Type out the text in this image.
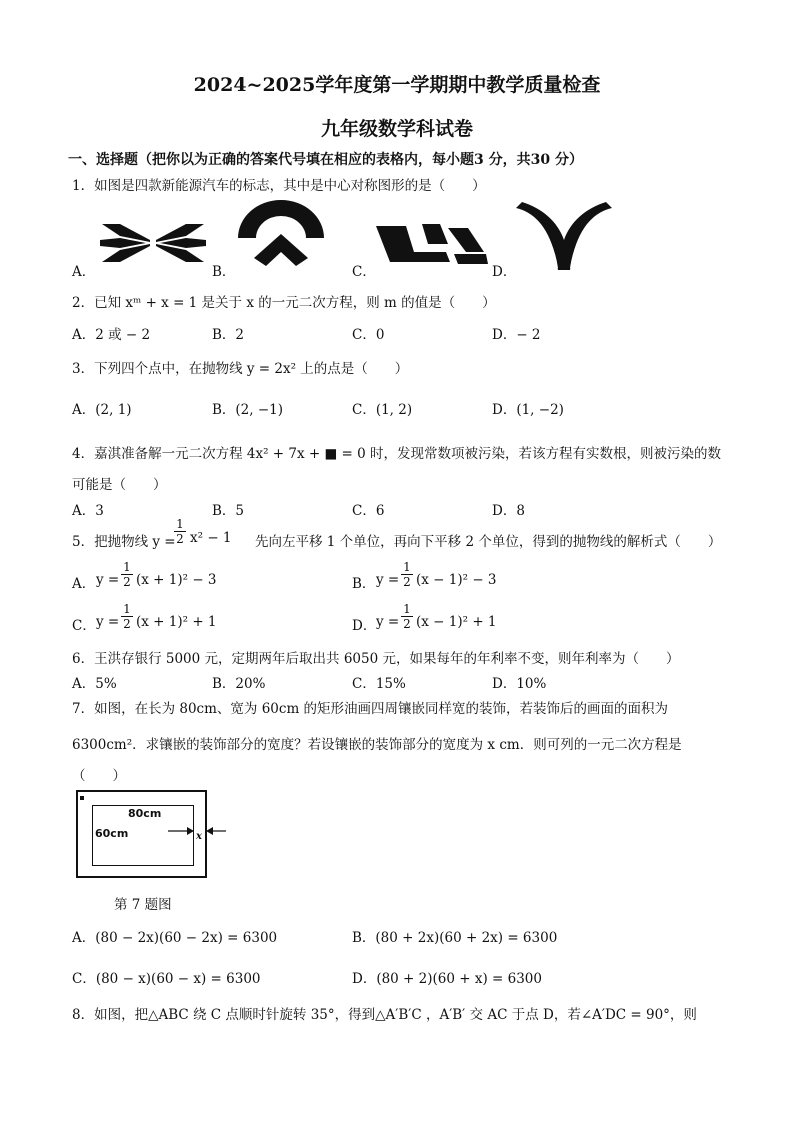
2024~2025学年度第一学期期中教学质量检查
九年级数学科试卷
一、选择题（把你以为正确的答案代号填在相应的表格内，每小题3 分，共30 分）
1．如图是四款新能源汽车的标志，其中是中心对称图形的是（　　）
A．	B．	C．	D．
2．已知 xᵐ + x = 1 是关于 x 的一元二次方程，则 m 的值是（　　）
A．2 或 − 2	B．2	C．0	D．− 2
3．下列四个点中，在抛物线 y = 2x² 上的点是（　　）
A．(2, 1)	B．(2, −1)	C．(1, 2)	D．(1, −2)
4．嘉淇准备解一元二次方程 4x² + 7x + ■ = 0 时，发现常数项被污染，若该方程有实数根，则被污染的数
可能是（　　）
A．3	B．5	C．6	D．8
5．把抛物线 y =
$\frac{1}{2} x^2 - 1$ 先向左平移 1 个单位，再向下平移 2 个单位，得到的抛物线的解析式（　　）
A． $y = \frac{1}{2} (x + 1)^2 - 3$	B． $y = \frac{1}{2} (x - 1)^2 - 3$
C． $y = \frac{1}{2} (x + 1)^2 + 1$	D． $y = \frac{1}{2} (x - 1)^2 + 1$
6．王洪存银行 5000 元，定期两年后取出共 6050 元，如果每年的年利率不变，则年利率为（　　）
A．5%	B．20%	C．15%	D．10%
7．如图，在长为 80cm、宽为 60cm 的矩形油画四周镶嵌同样宽的装饰，若装饰后的画面的面积为
6300cm²．求镶嵌的装饰部分的宽度？若设镶嵌的装饰部分的宽度为 x cm．则可列的一元二次方程是
（　　）
80cm
60cm	x
第 7 题图
A．(80 − 2x)(60 − 2x) = 6300	B．(80 + 2x)(60 + 2x) = 6300
C．(80 − x)(60 − x) = 6300	D．(80 + 2)(60 + x) = 6300
8．如图，把△ABC 绕 C 点顺时针旋转 35°，得到△A′B′C ，A′B′ 交 AC 于点 D，若∠A′DC = 90°，则
